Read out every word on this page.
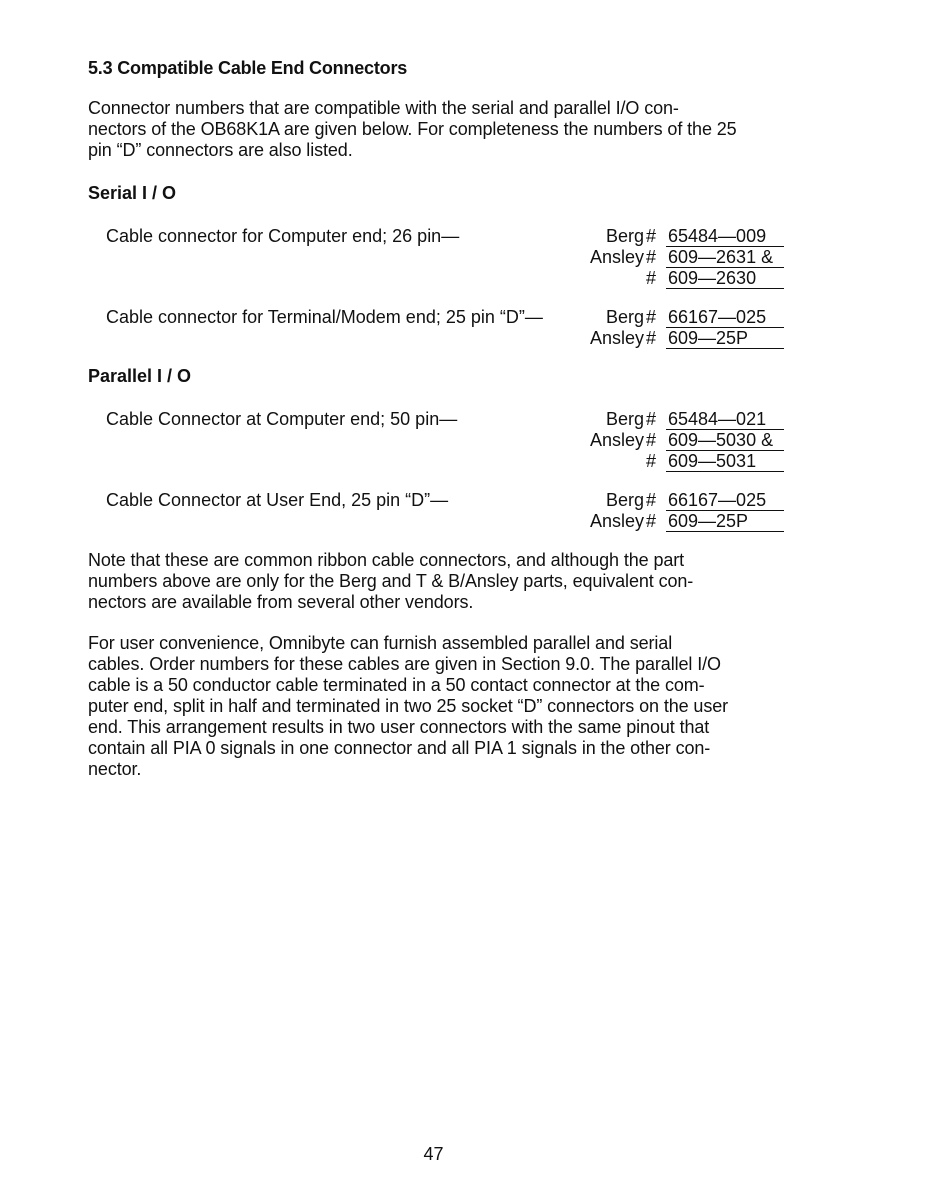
5.3 Compatible Cable End Connectors
Connector numbers that are compatible with the serial and parallel I/O con-
nectors of the OB68K1A are given below. For completeness the numbers of the 25
pin “D” connectors are also listed.
Serial I / O
Cable connector for Computer end; 26 pin—	Berg # 65484—009
Ansley # 609—2631 &
# 609—2630
Cable connector for Terminal/Modem end; 25 pin “D”—	Berg # 66167—025
Ansley # 609—25P
Parallel I / O
Cable Connector at Computer end; 50 pin—	Berg # 65484—021
Ansley # 609—5030 &
# 609—5031
Cable Connector at User End, 25 pin “D”—	Berg # 66167—025
Ansley # 609—25P
Note that these are common ribbon cable connectors, and although the part
numbers above are only for the Berg and T & B/Ansley parts, equivalent con-
nectors are available from several other vendors.
For user convenience, Omnibyte can furnish assembled parallel and serial
cables. Order numbers for these cables are given in Section 9.0. The parallel I/O
cable is a 50 conductor cable terminated in a 50 contact connector at the com-
puter end, split in half and terminated in two 25 socket “D” connectors on the user
end. This arrangement results in two user connectors with the same pinout that
contain all PIA 0 signals in one connector and all PIA 1 signals in the other con-
nector.
47
